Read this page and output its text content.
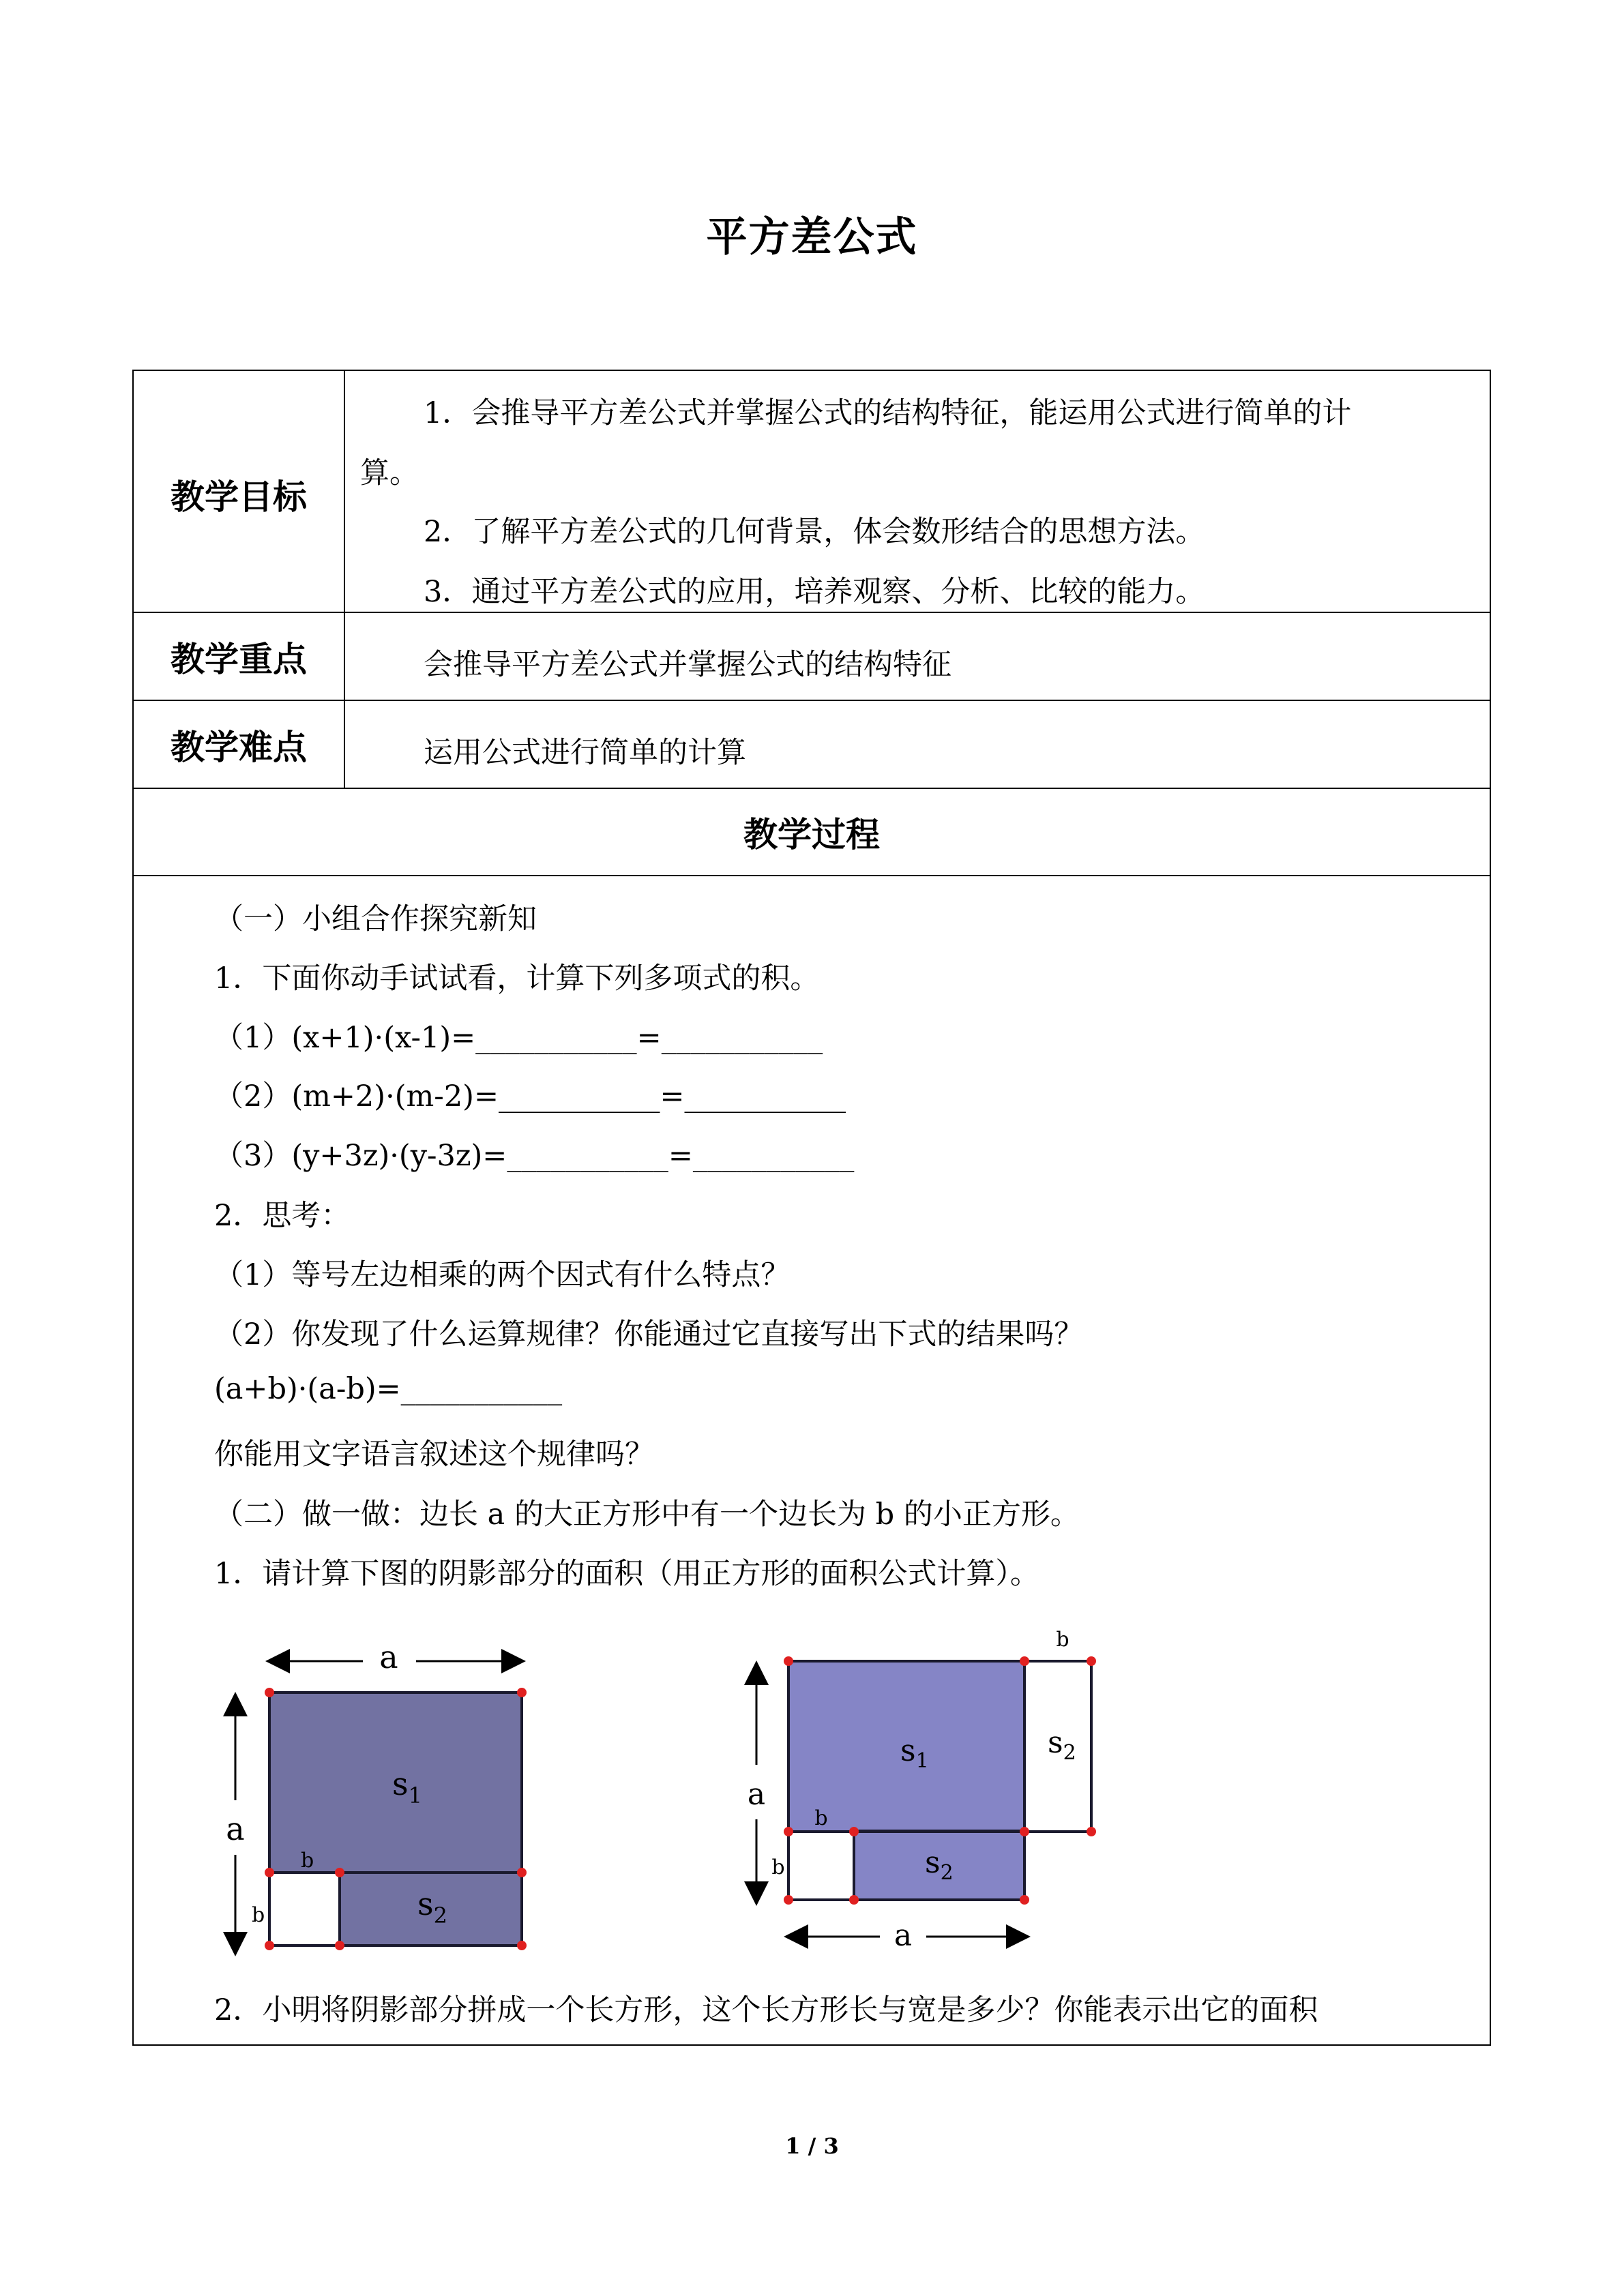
平方差公式
教学目标
1．会推导平方差公式并掌握公式的结构特征，能运用公式进行简单的计
算。
2．了解平方差公式的几何背景，体会数形结合的思想方法。
3．通过平方差公式的应用，培养观察、分析、比较的能力。
教学重点	会推导平方差公式并掌握公式的结构特征
教学难点	运用公式进行简单的计算
教学过程
（一）小组合作探究新知
1．下面你动手试试看，计算下列多项式的积。
（1）(x+1)·(x-1)=___________=___________
（2）(m+2)·(m-2)=___________=___________
（3）(y+3z)·(y-3z)=___________=___________
2．思考：
（1）等号左边相乘的两个因式有什么特点？
（2）你发现了什么运算规律？你能通过它直接写出下式的结果吗？
(a+b)·(a-b)=___________
你能用文字语言叙述这个规律吗？
（二）做一做：边长 a 的大正方形中有一个边长为 b 的小正方形。
1．请计算下图的阴影部分的面积（用正方形的面积公式计算）。
2．小明将阴影部分拼成一个长方形，这个长方形长与宽是多少？你能表示出它的面积
a
a
$s_1$
$s_2$
b
b
b
a
$s_1$
$s_2$
$s_2$
b
b
a
1 / 3
